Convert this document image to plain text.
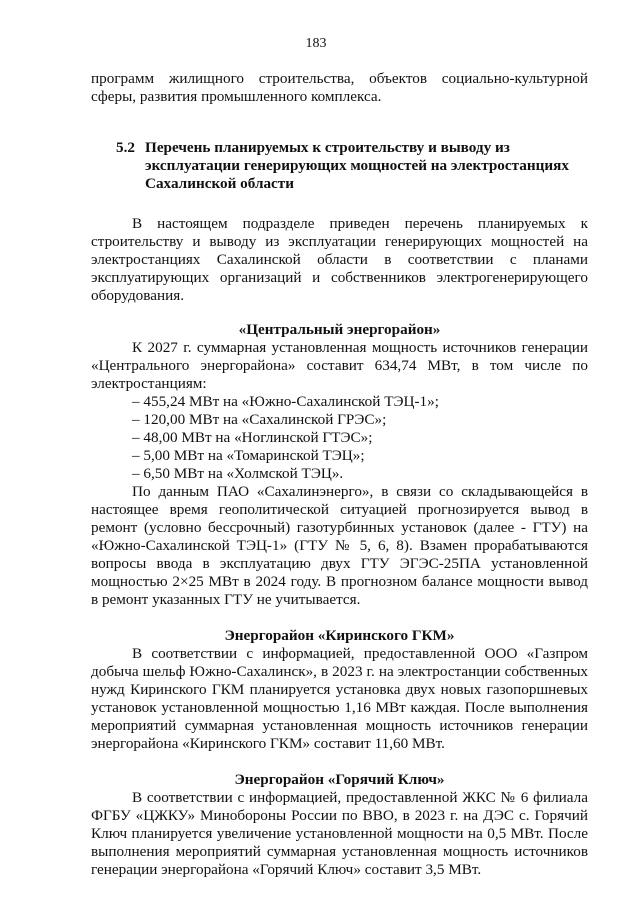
183

программ жилищного строительства, объектов социально-культурной сферы, развития промышленного комплекса.

5.2 Перечень планируемых к строительству и выводу из эксплуатации генерирующих мощностей на электростанциях Сахалинской области

В настоящем подразделе приведен перечень планируемых к строительству и выводу из эксплуатации генерирующих мощностей на электростанциях Сахалинской области в соответствии с планами эксплуатирующих организаций и собственников электрогенерирующего оборудования.

«Центральный энергорайон»

К 2027 г. суммарная установленная мощность источников генерации «Центрального энергорайона» составит 634,74 МВт, в том числе по электростанциям:

– 455,24 МВт на «Южно-Сахалинской ТЭЦ-1»;

– 120,00 МВт на «Сахалинской ГРЭС»;

– 48,00 МВт на «Ноглинской ГТЭС»;

– 5,00 МВт на «Томаринской ТЭЦ»;

– 6,50 МВт на «Холмской ТЭЦ».

По данным ПАО «Сахалинэнерго», в связи со складывающейся в настоящее время геополитической ситуацией прогнозируется вывод в ремонт (условно бессрочный) газотурбинных установок (далее - ГТУ) на «Южно-Сахалинской ТЭЦ-1» (ГТУ № 5, 6, 8). Взамен прорабатываются вопросы ввода в эксплуатацию двух ГТУ ЭГЭС-25ПА установленной мощностью 2×25 МВт в 2024 году. В прогнозном балансе мощности вывод в ремонт указанных ГТУ не учитывается.

Энергорайон «Киринского ГКМ»

В соответствии с информацией, предоставленной ООО «Газпром добыча шельф Южно-Сахалинск», в 2023 г. на электростанции собственных нужд Киринского ГКМ планируется установка двух новых газопоршневых установок установленной мощностью 1,16 МВт каждая. После выполнения мероприятий суммарная установленная мощность источников генерации энергорайона «Киринского ГКМ» составит 11,60 МВт.

Энергорайон «Горячий Ключ»

В соответствии с информацией, предоставленной ЖКС № 6 филиала ФГБУ «ЦЖКУ» Минобороны России по ВВО, в 2023 г. на ДЭС с. Горячий Ключ планируется увеличение установленной мощности на 0,5 МВт. После выполнения мероприятий суммарная установленная мощность источников генерации энергорайона «Горячий Ключ» составит 3,5 МВт.
